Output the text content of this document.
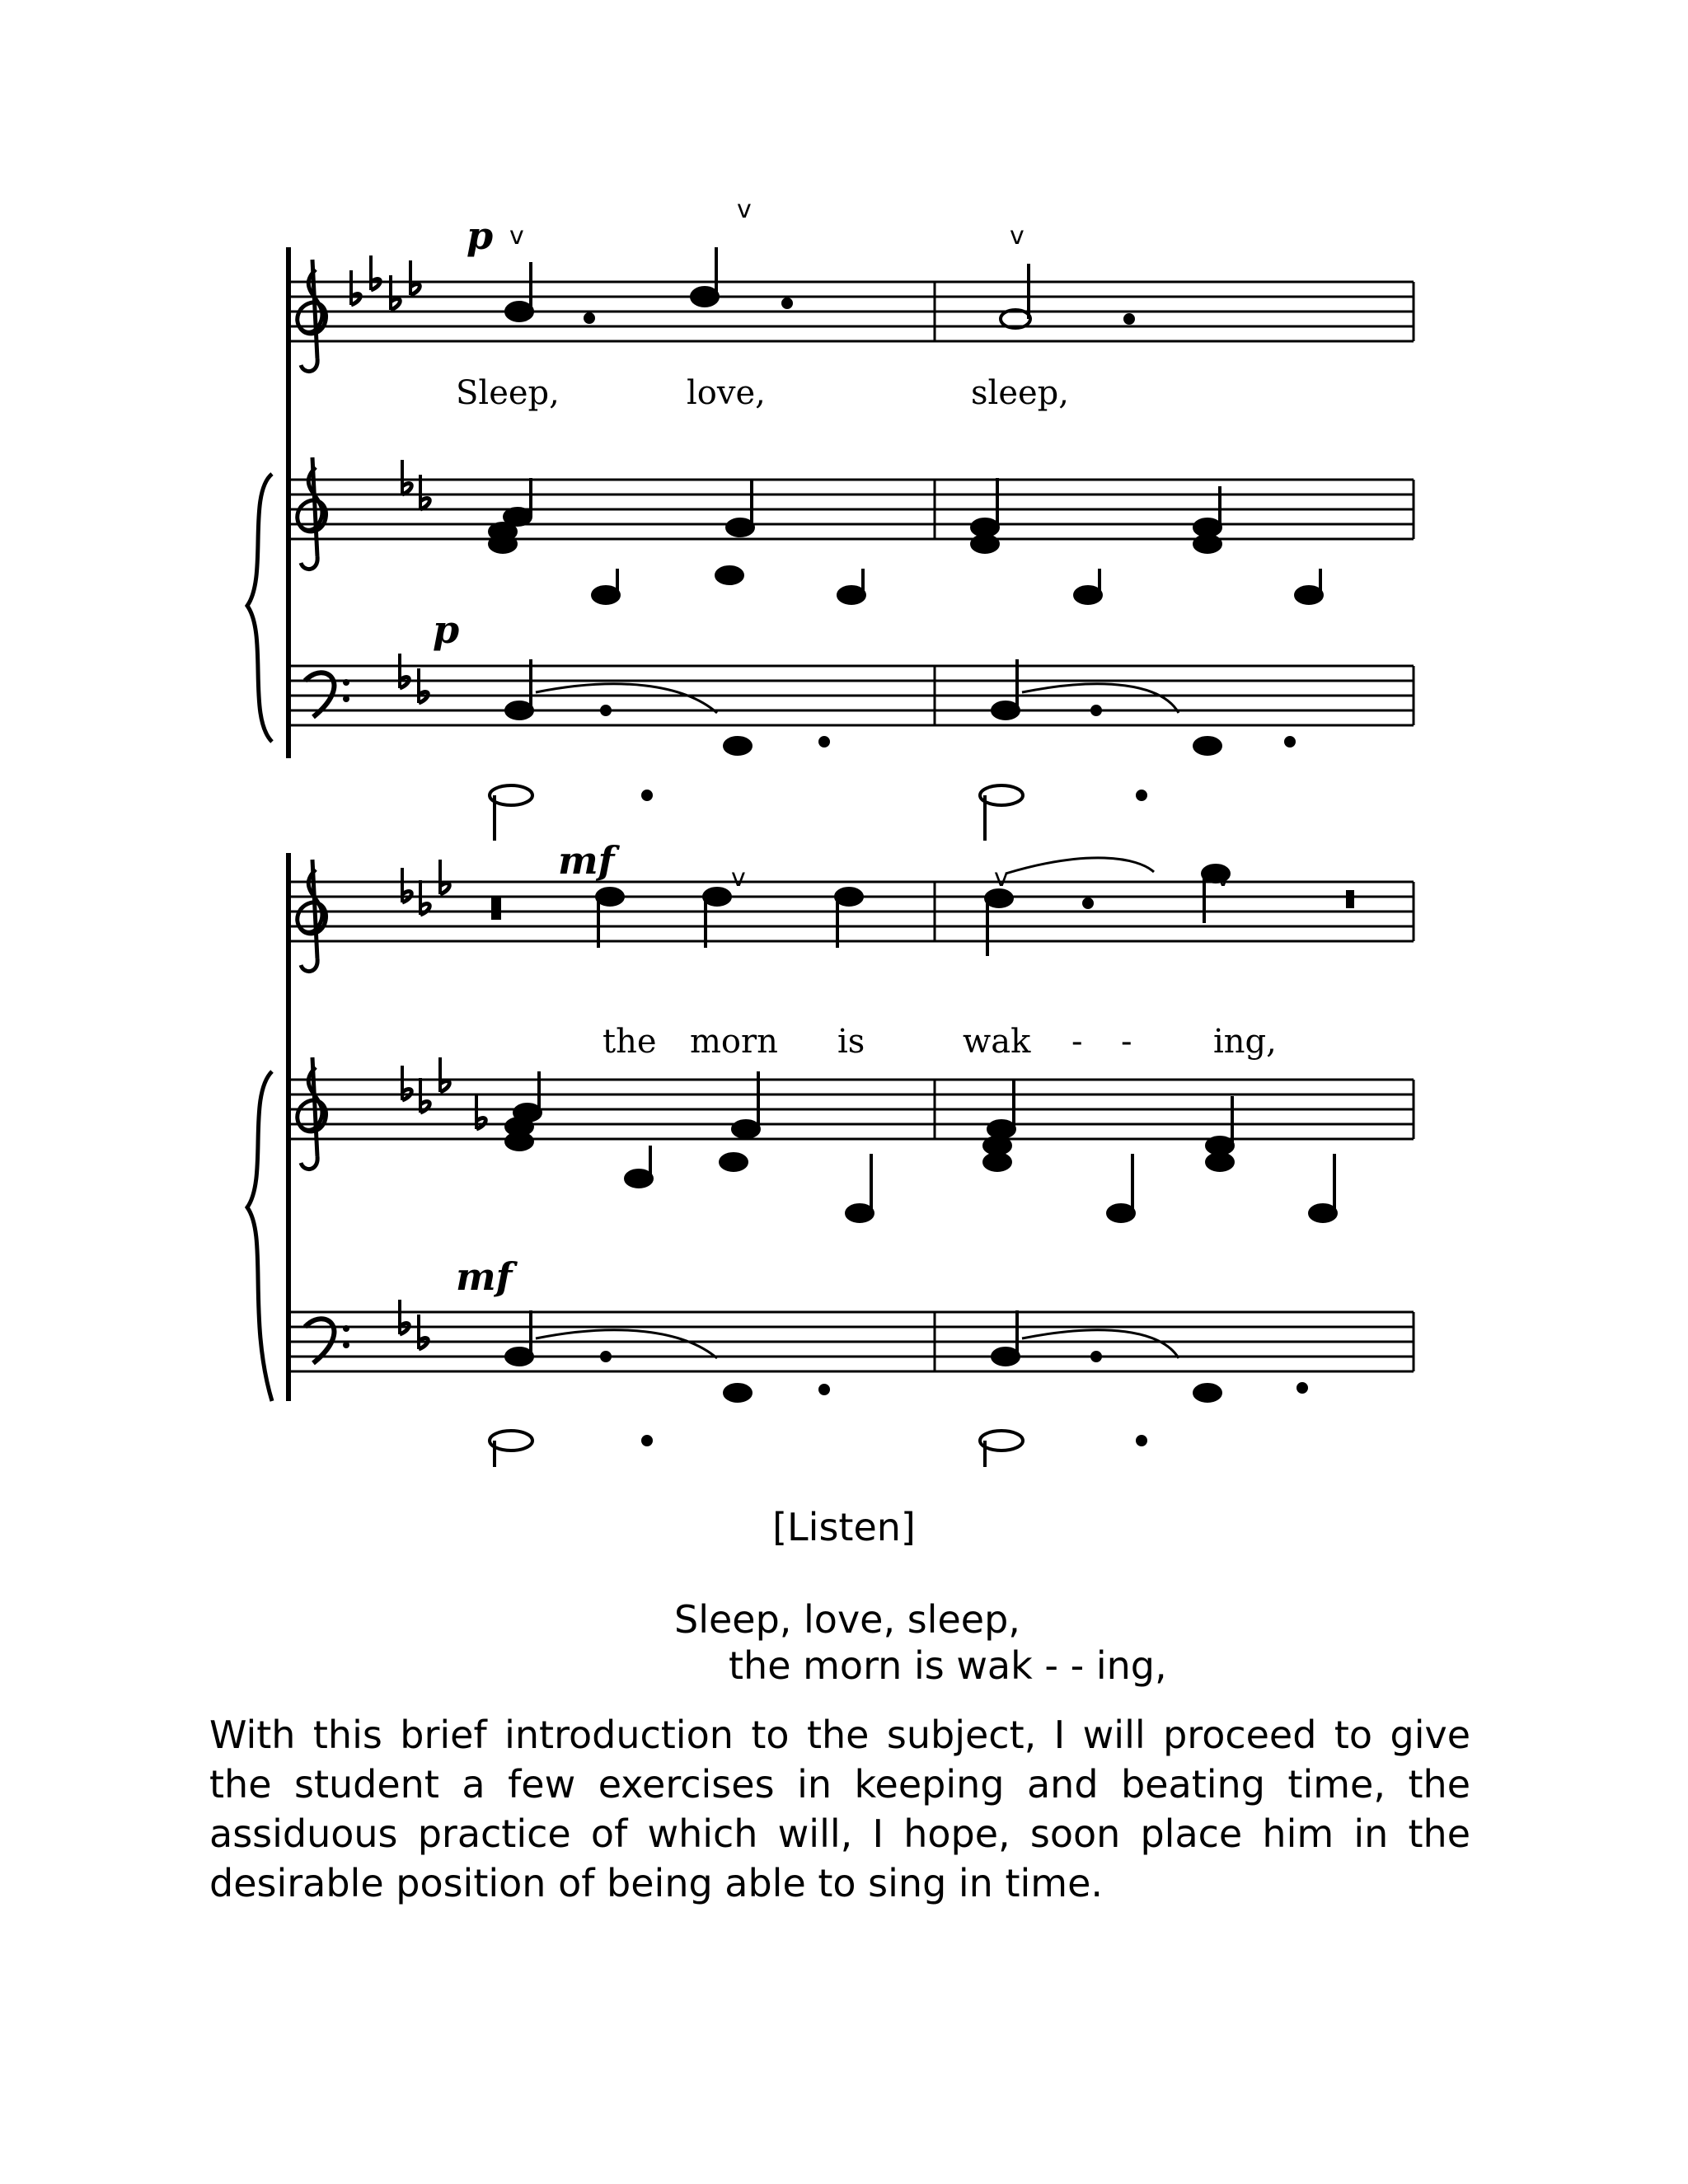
p v
v
v
Sleep,	love,	sleep,
p
mf	v	v	v
the morn is	wak - - ing,
mf
[Listen]
Sleep, love, sleep,
the morn is wak - - ing,

With this brief introduction to the subject, I will proceed to give the student a few exercises in keeping and beating time, the assiduous practice of which will, I hope, soon place him in the desirable position of being able to sing in time.
